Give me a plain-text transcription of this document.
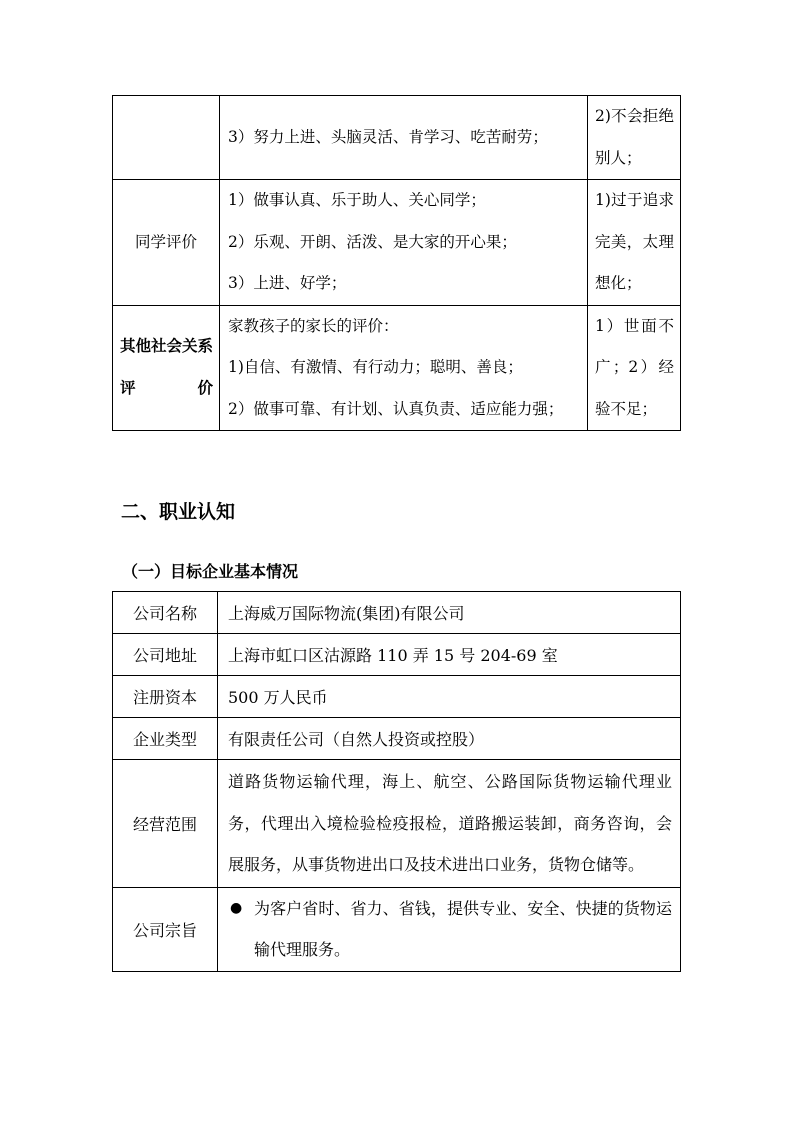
	3）努力上进、头脑灵活、肯学习、吃苦耐劳；	2)不会拒绝别人；
同学评价	1）做事认真、乐于助人、关心同学；
2）乐观、开朗、活泼、是大家的开心果；
3）上进、好学；	1)过于追求完美，太理想化；
其他社会关系评价	家教孩子的家长的评价：
1)自信、有激情、有行动力；聪明、善良；
2）做事可靠、有计划、认真负责、适应能力强；	1）世面不广；2）经验不足；
二、职业认知
（一）目标企业基本情况
公司名称	上海威万国际物流(集团)有限公司
公司地址	上海市虹口区沽源路 110 弄 15 号 204-69 室
注册资本	500 万人民币
企业类型	有限责任公司（自然人投资或控股）
经营范围	道路货物运输代理，海上、航空、公路国际货物运输代理业务，代理出入境检验检疫报检，道路搬运装卸，商务咨询，会展服务，从事货物进出口及技术进出口业务，货物仓储等。
公司宗旨	● 为客户省时、省力、省钱，提供专业、安全、快捷的货物运输代理服务。
